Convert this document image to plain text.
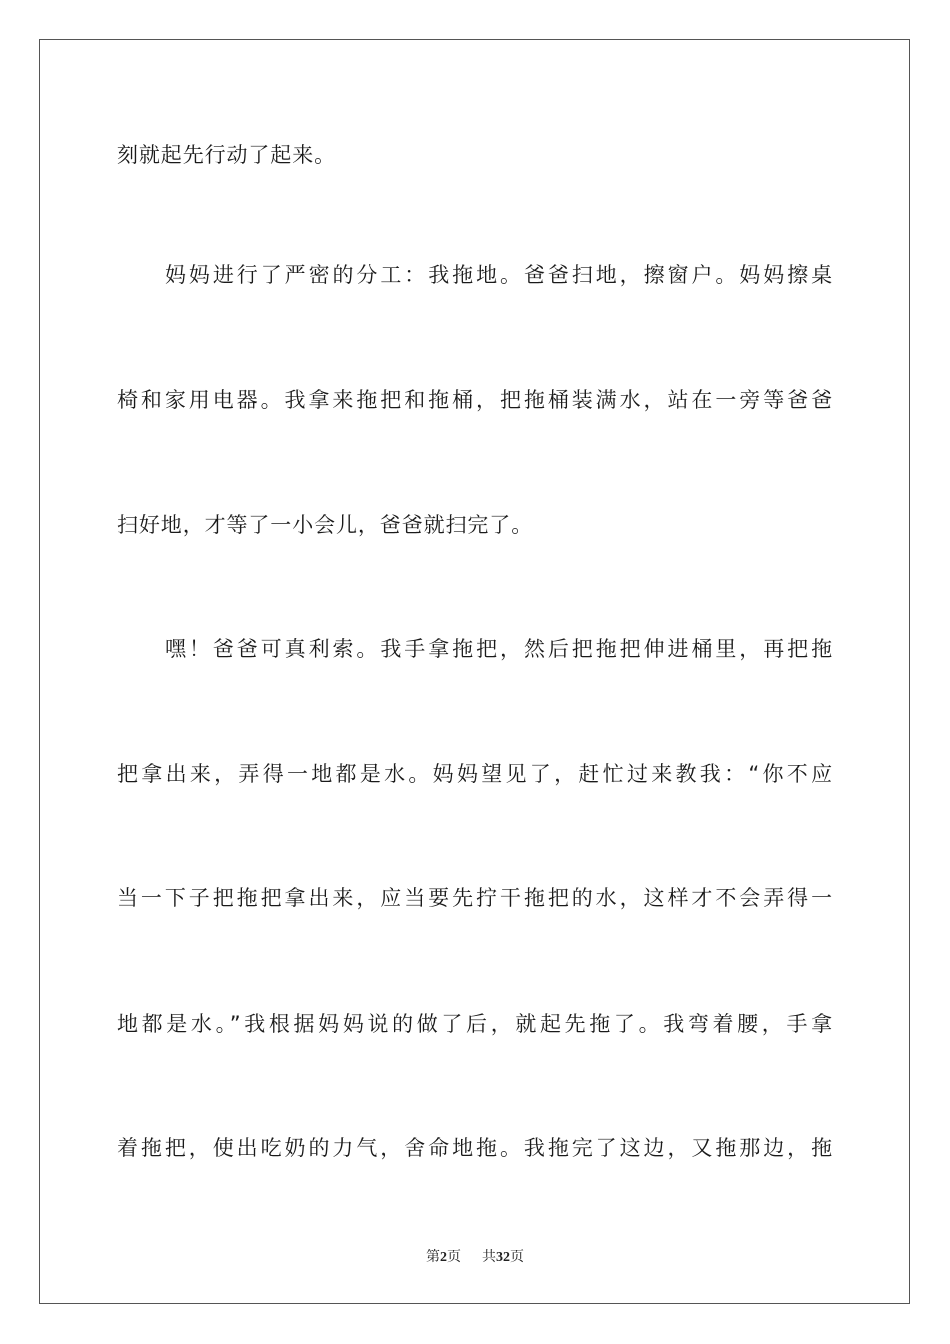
刻就起先行动了起来。
妈妈进行了严密的分工：我拖地。爸爸扫地，擦窗户。妈妈擦桌
椅和家用电器。我拿来拖把和拖桶，把拖桶装满水，站在一旁等爸爸
扫好地，才等了一小会儿，爸爸就扫完了。
嘿！爸爸可真利索。我手拿拖把，然后把拖把伸进桶里，再把拖
把拿出来，弄得一地都是水。妈妈望见了，赶忙过来教我：“你不应
当一下子把拖把拿出来，应当要先拧干拖把的水，这样才不会弄得一
地都是水。”我根据妈妈说的做了后，就起先拖了。我弯着腰，手拿
着拖把，使出吃奶的力气，舍命地拖。我拖完了这边，又拖那边，拖
第2页 共32页
